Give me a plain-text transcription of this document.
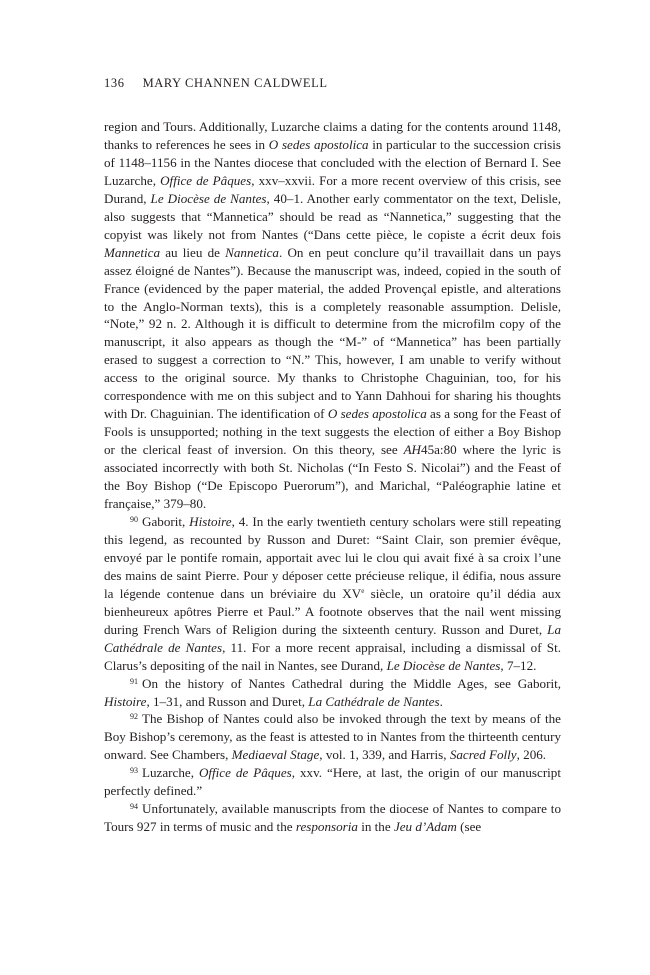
136 MARY CHANNEN CALDWELL

region and Tours. Additionally, Luzarche claims a dating for the contents around 1148, thanks to references he sees in O sedes apostolica in particular to the succession crisis of 1148–1156 in the Nantes diocese that concluded with the election of Bernard I. See Luzarche, Office de Pâques, xxv–xxvii. For a more recent overview of this crisis, see Durand, Le Diocèse de Nantes, 40–1. Another early commentator on the text, Delisle, also suggests that “Mannetica” should be read as “Nannetica,” suggesting that the copyist was likely not from Nantes (“Dans cette pièce, le copiste a écrit deux fois Mannetica au lieu de Nannetica. On en peut conclure qu’il travaillait dans un pays assez éloigné de Nantes”). Because the manuscript was, indeed, copied in the south of France (evidenced by the paper material, the added Provençal epistle, and alterations to the Anglo-Norman texts), this is a completely reasonable assumption. Delisle, “Note,” 92 n. 2. Although it is difficult to determine from the microfilm copy of the manuscript, it also appears as though the “M-” of “Mannetica” has been partially erased to suggest a correction to “N.” This, however, I am unable to verify without access to the original source. My thanks to Christophe Chaguinian, too, for his correspondence with me on this subject and to Yann Dahhoui for sharing his thoughts with Dr. Chaguinian. The identification of O sedes apostolica as a song for the Feast of Fools is unsupported; nothing in the text suggests the election of either a Boy Bishop or the clerical feast of inversion. On this theory, see AH45a:80 where the lyric is associated incorrectly with both St. Nicholas (“In Festo S. Nicolai”) and the Feast of the Boy Bishop (“De Episcopo Puerorum”), and Marichal, “Paléographie latine et française,” 379–80.

$^{90}$ Gaborit, Histoire, 4. In the early twentieth century scholars were still repeating this legend, as recounted by Russon and Duret: “Saint Clair, son premier évêque, envoyé par le pontife romain, apportait avec lui le clou qui avait fixé à sa croix l’une des mains de saint Pierre. Pour y déposer cette précieuse relique, il édifia, nous assure la légende contenue dans un bréviaire du XVe siècle, un oratoire qu’il dédia aux bienheureux apôtres Pierre et Paul.” A footnote observes that the nail went missing during French Wars of Religion during the sixteenth century. Russon and Duret, La Cathédrale de Nantes, 11. For a more recent appraisal, including a dismissal of St. Clarus’s depositing of the nail in Nantes, see Durand, Le Diocèse de Nantes, 7–12.

$^{91}$ On the history of Nantes Cathedral during the Middle Ages, see Gaborit, Histoire, 1–31, and Russon and Duret, La Cathédrale de Nantes.

$^{92}$ The Bishop of Nantes could also be invoked through the text by means of the Boy Bishop’s ceremony, as the feast is attested to in Nantes from the thirteenth century onward. See Chambers, Mediaeval Stage, vol. 1, 339, and Harris, Sacred Folly, 206.

$^{93}$ Luzarche, Office de Pâques, xxv. “Here, at last, the origin of our manuscript perfectly defined.”

$^{94}$ Unfortunately, available manuscripts from the diocese of Nantes to compare to Tours 927 in terms of music and the responsoria in the Jeu d’Adam (see
